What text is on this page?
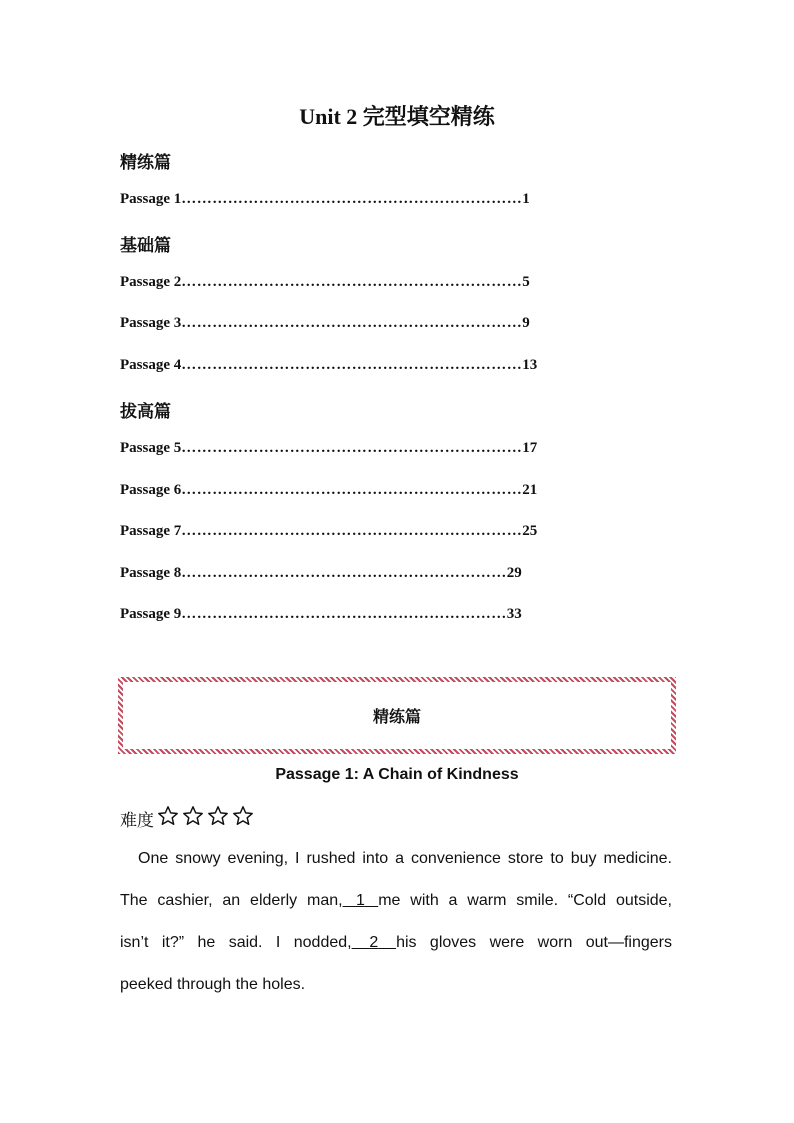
Unit 2 完型填空精练
精练篇
Passage 1…………………………………………………………1
基础篇
Passage 2…………………………………………………………5
Passage 3…………………………………………………………9
Passage 4…………………………………………………………13
拔高篇
Passage 5…………………………………………………………17
Passage 6…………………………………………………………21
Passage 7…………………………………………………………25
Passage 8………………………………………………………29
Passage 9………………………………………………………33
精练篇
Passage 1: A Chain of Kindness
难度
One snowy evening, I rushed into a convenience store to buy medicine.
The cashier, an elderly man, 1 me with a warm smile. “Cold outside,
isn’t it?” he said. I nodded, 2 his gloves were worn out—fingers
peeked through the holes.
